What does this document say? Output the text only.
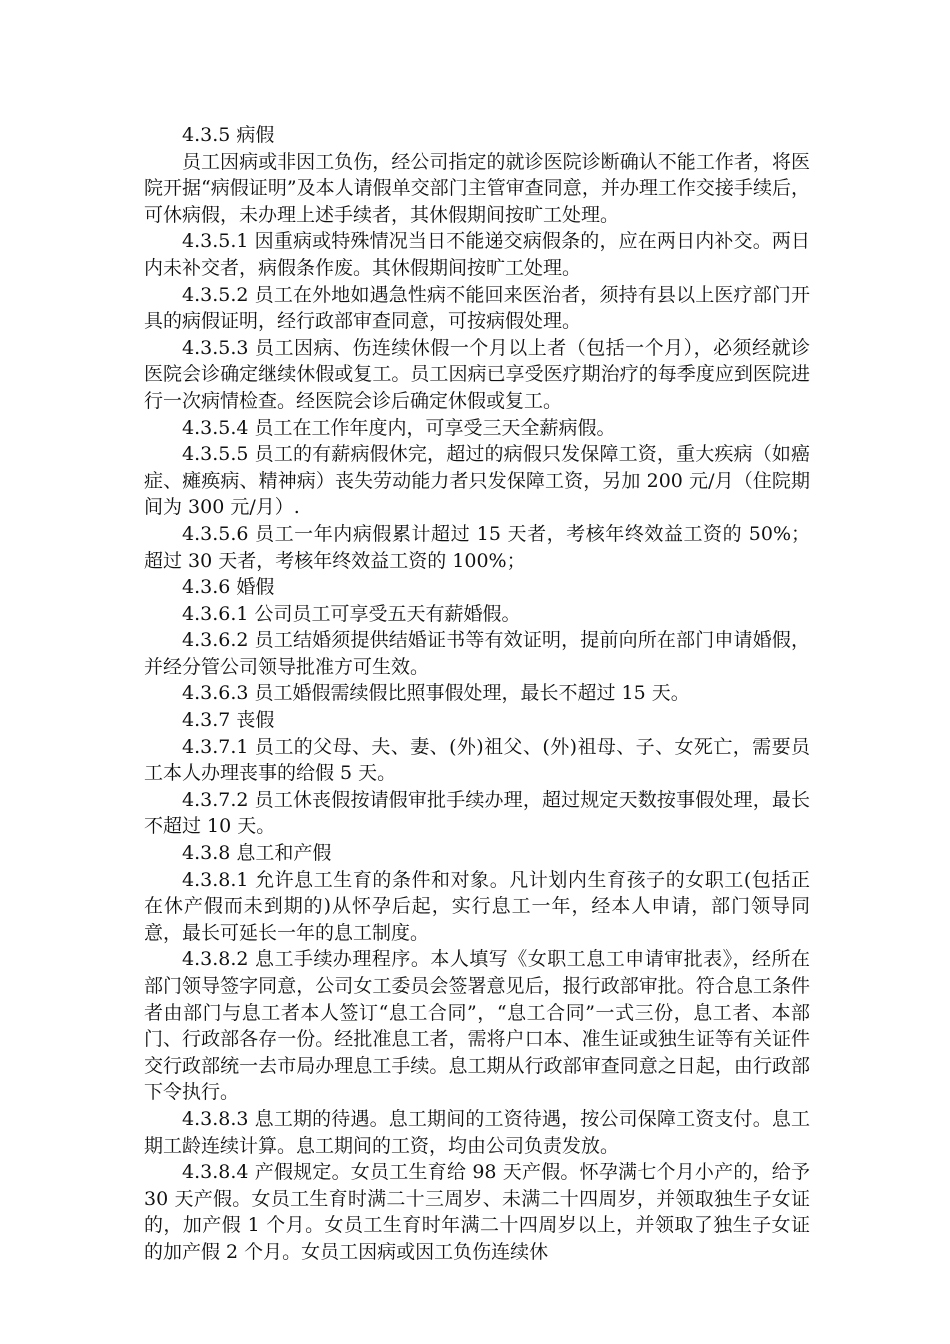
4.3.5 病假

员工因病或非因工负伤，经公司指定的就诊医院诊断确认不能工作者，将医院开据“病假证明”及本人请假单交部门主管审查同意，并办理工作交接手续后，可休病假，未办理上述手续者，其休假期间按旷工处理。

4.3.5.1 因重病或特殊情况当日不能递交病假条的，应在两日内补交。两日内未补交者，病假条作废。其休假期间按旷工处理。

4.3.5.2 员工在外地如遇急性病不能回来医治者，须持有县以上医疗部门开具的病假证明，经行政部审查同意，可按病假处理。

4.3.5.3 员工因病、伤连续休假一个月以上者（包括一个月），必须经就诊医院会诊确定继续休假或复工。员工因病已享受医疗期治疗的每季度应到医院进行一次病情检查。经医院会诊后确定休假或复工。

4.3.5.4 员工在工作年度内，可享受三天全薪病假。

4.3.5.5 员工的有薪病假休完，超过的病假只发保障工资，重大疾病（如癌症、瘫痪病、精神病）丧失劳动能力者只发保障工资，另加 200 元/月（住院期间为 300 元/月）.

4.3.5.6 员工一年内病假累计超过 15 天者，考核年终效益工资的 50%；超过 30 天者，考核年终效益工资的 100%；

4.3.6 婚假

4.3.6.1 公司员工可享受五天有薪婚假。

4.3.6.2 员工结婚须提供结婚证书等有效证明，提前向所在部门申请婚假，并经分管公司领导批准方可生效。

4.3.6.3 员工婚假需续假比照事假处理，最长不超过 15 天。

4.3.7 丧假

4.3.7.1 员工的父母、夫、妻、(外)祖父、(外)祖母、子、女死亡，需要员工本人办理丧事的给假 5 天。

4.3.7.2 员工休丧假按请假审批手续办理，超过规定天数按事假处理，最长不超过 10 天。

4.3.8 息工和产假

4.3.8.1 允许息工生育的条件和对象。凡计划内生育孩子的女职工(包括正在休产假而未到期的)从怀孕后起，实行息工一年，经本人申请，部门领导同意，最长可延长一年的息工制度。

4.3.8.2 息工手续办理程序。本人填写《女职工息工申请审批表》，经所在部门领导签字同意，公司女工委员会签署意见后，报行政部审批。符合息工条件者由部门与息工者本人签订“息工合同”，“息工合同”一式三份，息工者、本部门、行政部各存一份。经批准息工者，需将户口本、准生证或独生证等有关证件交行政部统一去市局办理息工手续。息工期从行政部审查同意之日起，由行政部下令执行。

4.3.8.3 息工期的待遇。息工期间的工资待遇，按公司保障工资支付。息工期工龄连续计算。息工期间的工资，均由公司负责发放。

4.3.8.4 产假规定。女员工生育给 98 天产假。怀孕满七个月小产的，给予 30 天产假。女员工生育时满二十三周岁、未满二十四周岁，并领取独生子女证的，加产假 1 个月。女员工生育时年满二十四周岁以上，并领取了独生子女证的加产假 2 个月。女员工因病或因工负伤连续休
